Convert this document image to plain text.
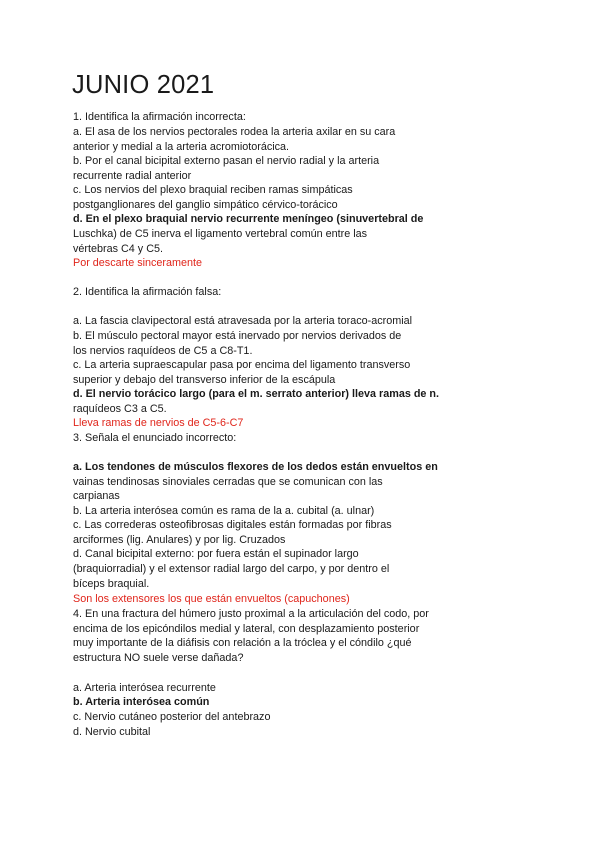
JUNIO 2021
1. Identifica la afirmación incorrecta:
a. El asa de los nervios pectorales rodea la arteria axilar en su cara
anterior y medial a la arteria acromiotorácica.
b. Por el canal bicipital externo pasan el nervio radial y la arteria
recurrente radial anterior
c. Los nervios del plexo braquial reciben ramas simpáticas
postganglionares del ganglio simpático cérvico-torácico
d. En el plexo braquial nervio recurrente meníngeo (sinuvertebral de
Luschka) de C5 inerva el ligamento vertebral común entre las
vértebras C4 y C5.
Por descarte sinceramente
2. Identifica la afirmación falsa:
a. La fascia clavipectoral está atravesada por la arteria toraco-acromial
b. El músculo pectoral mayor está inervado por nervios derivados de
los nervios raquídeos de C5 a C8-T1.
c. La arteria supraescapular pasa por encima del ligamento transverso
superior y debajo del transverso inferior de la escápula
d. El nervio torácico largo (para el m. serrato anterior) lleva ramas de n.
raquídeos C3 a C5.
Lleva ramas de nervios de C5-6-C7
3. Señala el enunciado incorrecto:
a. Los tendones de músculos flexores de los dedos están envueltos en
vainas tendinosas sinoviales cerradas que se comunican con las
carpianas
b. La arteria interósea común es rama de la a. cubital (a. ulnar)
c. Las correderas osteofibrosas digitales están formadas por fibras
arciformes (lig. Anulares) y por lig. Cruzados
d. Canal bicipital externo: por fuera están el supinador largo
(braquiorradial) y el extensor radial largo del carpo, y por dentro el
bíceps braquial.
Son los extensores los que están envueltos (capuchones)
4. En una fractura del húmero justo proximal a la articulación del codo, por
encima de los epicóndilos medial y lateral, con desplazamiento posterior
muy importante de la diáfisis con relación a la tróclea y el cóndilo ¿qué
estructura NO suele verse dañada?
a. Arteria interósea recurrente
b. Arteria interósea común
c. Nervio cutáneo posterior del antebrazo
d. Nervio cubital
